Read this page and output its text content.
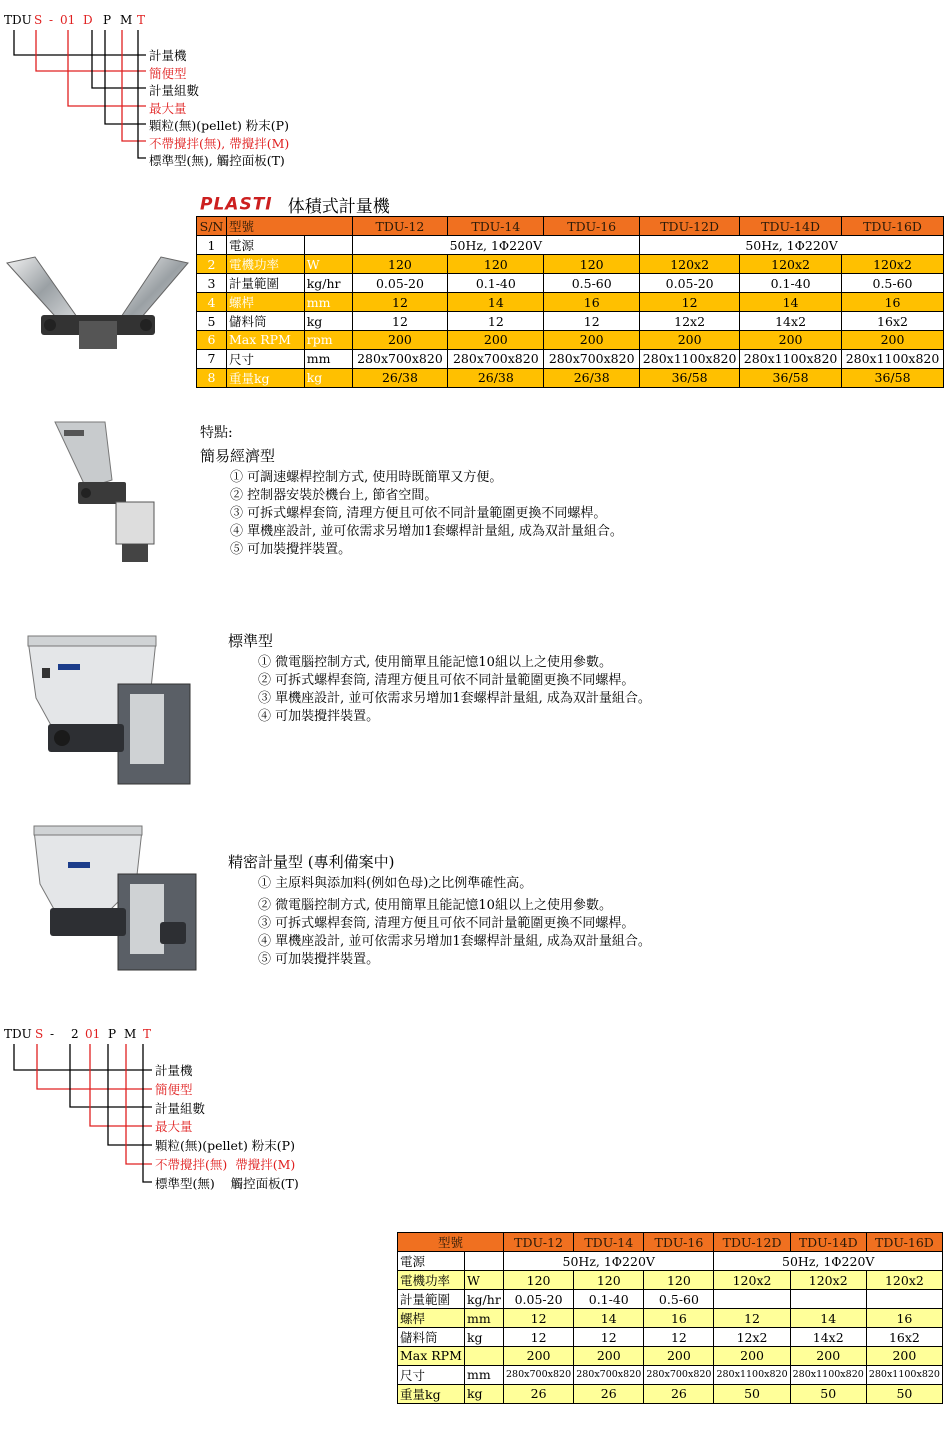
TDU S - 01 D P M T
計量機
簡便型
計量組數
最大量
顆粒(無)(pellet) 粉末(P)
不帶攪拌(無), 帶攪拌(M)
標準型(無), 觸控面板(T)
PLASTI 体積式計量機
S/N	型號		TDU-12	TDU-14	TDU-16	TDU-12D	TDU-14D	TDU-16D
1	電源		50Hz, 1Φ220V			50Hz, 1Φ220V		
2	電機功率	W	120	120	120	120x2	120x2	120x2
3	計量範圍	kg/hr	0.05-20	0.1-40	0.5-60	0.05-20	0.1-40	0.5-60
4	螺桿	mm	12	14	16	12	14	16
5	儲料筒	kg	12	12	12	12x2	14x2	16x2
6	Max RPM	rpm	200	200	200	200	200	200
7	尺寸	mm	280x700x820	280x700x820	280x700x820	280x1100x820	280x1100x820	280x1100x820
8	重量kg	kg	26/38	26/38	26/38	36/58	36/58	36/58
特點:
簡易經濟型
① 可調速螺桿控制方式, 使用時既簡單又方便。
② 控制器安裝於機台上, 節省空間。
③ 可拆式螺桿套筒, 清理方便且可依不同計量範圍更換不同螺桿。
④ 單機座設計, 並可依需求另增加1套螺桿計量組, 成為双計量組合。
⑤ 可加裝攪拌裝置。
標準型
① 微電腦控制方式, 使用簡單且能記憶10組以上之使用參數。
② 可拆式螺桿套筒, 清理方便且可依不同計量範圍更換不同螺桿。
③ 單機座設計, 並可依需求另增加1套螺桿計量組, 成為双計量組合。
④ 可加裝攪拌裝置。
精密計量型 (專利備案中)
① 主原料與添加料(例如色母)之比例準確性高。
② 微電腦控制方式, 使用簡單且能記憶10組以上之使用參數。
③ 可拆式螺桿套筒, 清理方便且可依不同計量範圍更換不同螺桿。
④ 單機座設計, 並可依需求另增加1套螺桿計量組, 成為双計量組合。
⑤ 可加裝攪拌裝置。
TDU S - 2 01 P M T
計量機
簡便型
計量組數
最大量
顆粒(無)(pellet) 粉末(P)
不帶攪拌(無)  帶攪拌(M)
標準型(無)    觸控面板(T)
型號		TDU-12	TDU-14	TDU-16	TDU-12D	TDU-14D	TDU-16D
電源		50Hz, 1Φ220V			50Hz, 1Φ220V		
電機功率	W	120	120	120	120x2	120x2	120x2
計量範圍	kg/hr	0.05-20	0.1-40	0.5-60			
螺桿	mm	12	14	16	12	14	16
儲料筒	kg	12	12	12	12x2	14x2	16x2
Max RPM		200	200	200	200	200	200
尺寸	mm	280x700x820	280x700x820	280x700x820	280x1100x820	280x1100x820	280x1100x820
重量kg	kg	26	26	26	50	50	50
